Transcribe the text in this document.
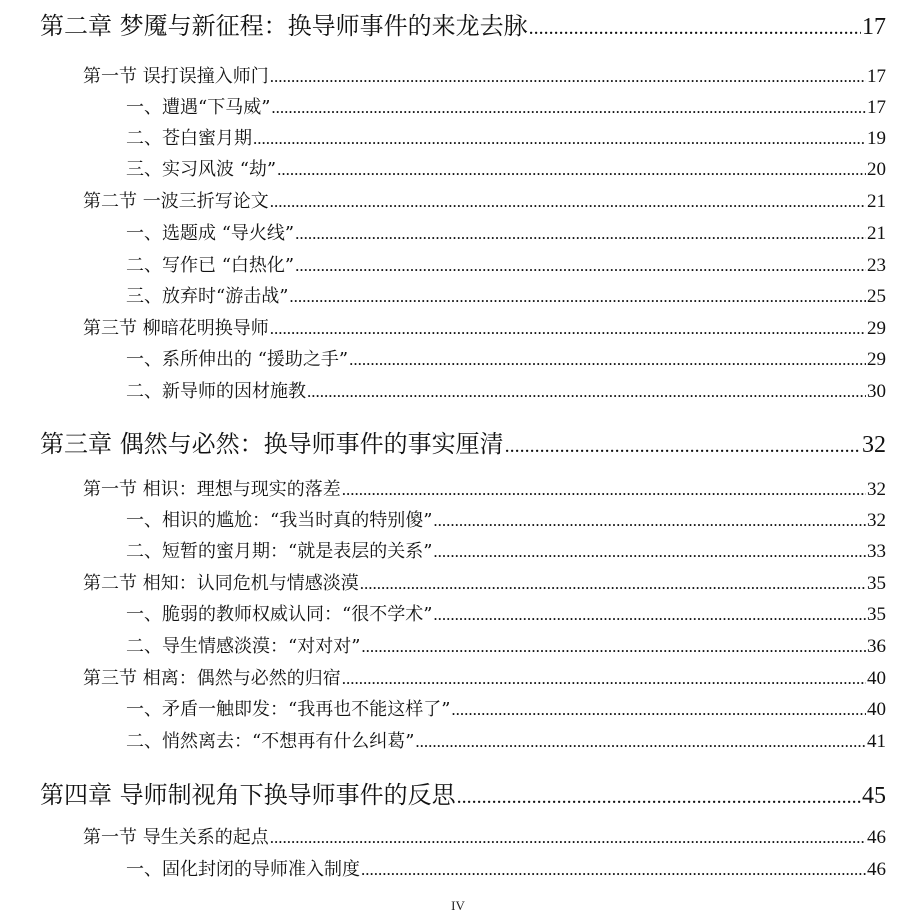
第二章 梦魇与新征程：换导师事件的来龙去脉 .....	17
第一节 误打误撞入师门 .....	17
一、遭遇“下马威” .....	17
二、苍白蜜月期 .....	19
三、实习风波 “劫” .....	20
第二节 一波三折写论文 .....	21
一、选题成 “导火线” .....	21
二、写作已 “白热化” .....	23
三、放弃时“游击战” .....	25
第三节 柳暗花明换导师 .....	29
一、系所伸出的 “援助之手” .....	29
二、新导师的因材施教 .....	30
第三章 偶然与必然：换导师事件的事实厘清 .....	32
第一节 相识：理想与现实的落差 .....	32
一、相识的尴尬：“我当时真的特别傻” .....	32
二、短暂的蜜月期：“就是表层的关系” .....	33
第二节 相知：认同危机与情感淡漠 .....	35
一、脆弱的教师权威认同：“很不学术” .....	35
二、导生情感淡漠：“对对对” .....	36
第三节 相离：偶然与必然的归宿 .....	40
一、矛盾一触即发：“我再也不能这样了” .....	40
二、悄然离去：“不想再有什么纠葛” .....	41
第四章 导师制视角下换导师事件的反思 .....	45
第一节 导生关系的起点 .....	46
一、固化封闭的导师准入制度 .....	46
IV
